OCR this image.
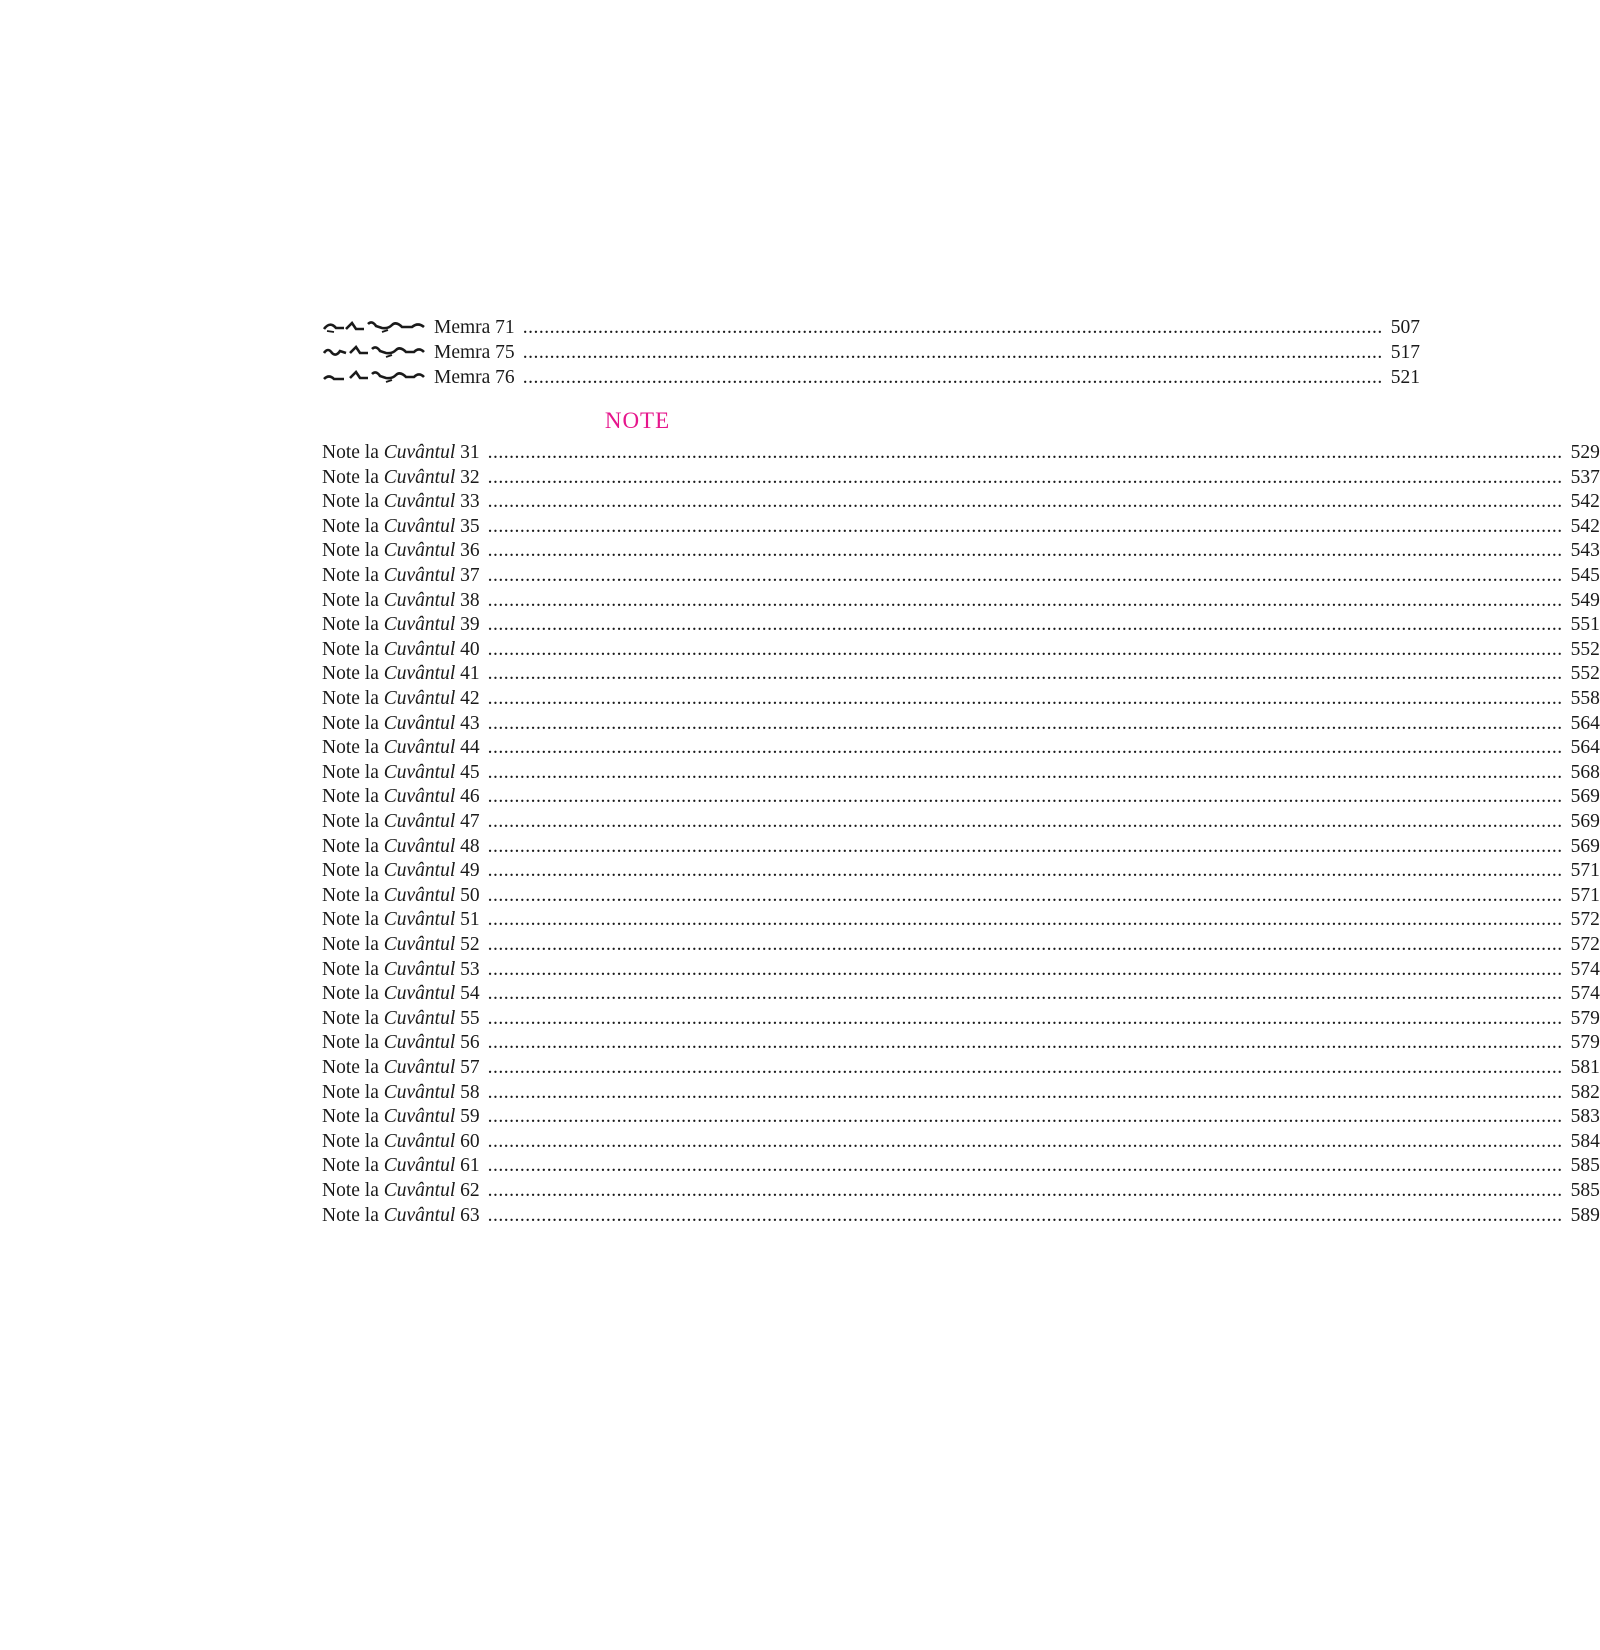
Memra 71 ................................................................................................................................................................ 507
Memra 75 ................................................................................................................................................................ 517
Memra 76 ................................................................................................................................................................ 521
NOTE
Note la Cuvântul 31 ........................................................................................................................................................................................................ 529
Note la Cuvântul 32 ........................................................................................................................................................................................................ 537
Note la Cuvântul 33 ........................................................................................................................................................................................................ 542
Note la Cuvântul 35 ........................................................................................................................................................................................................ 542
Note la Cuvântul 36 ........................................................................................................................................................................................................ 543
Note la Cuvântul 37 ........................................................................................................................................................................................................ 545
Note la Cuvântul 38 ........................................................................................................................................................................................................ 549
Note la Cuvântul 39 ........................................................................................................................................................................................................ 551
Note la Cuvântul 40 ........................................................................................................................................................................................................ 552
Note la Cuvântul 41 ........................................................................................................................................................................................................ 552
Note la Cuvântul 42 ........................................................................................................................................................................................................ 558
Note la Cuvântul 43 ........................................................................................................................................................................................................ 564
Note la Cuvântul 44 ........................................................................................................................................................................................................ 564
Note la Cuvântul 45 ........................................................................................................................................................................................................ 568
Note la Cuvântul 46 ........................................................................................................................................................................................................ 569
Note la Cuvântul 47 ........................................................................................................................................................................................................ 569
Note la Cuvântul 48 ........................................................................................................................................................................................................ 569
Note la Cuvântul 49 ........................................................................................................................................................................................................ 571
Note la Cuvântul 50 ........................................................................................................................................................................................................ 571
Note la Cuvântul 51 ........................................................................................................................................................................................................ 572
Note la Cuvântul 52 ........................................................................................................................................................................................................ 572
Note la Cuvântul 53 ........................................................................................................................................................................................................ 574
Note la Cuvântul 54 ........................................................................................................................................................................................................ 574
Note la Cuvântul 55 ........................................................................................................................................................................................................ 579
Note la Cuvântul 56 ........................................................................................................................................................................................................ 579
Note la Cuvântul 57 ........................................................................................................................................................................................................ 581
Note la Cuvântul 58 ........................................................................................................................................................................................................ 582
Note la Cuvântul 59 ........................................................................................................................................................................................................ 583
Note la Cuvântul 60 ........................................................................................................................................................................................................ 584
Note la Cuvântul 61 ........................................................................................................................................................................................................ 585
Note la Cuvântul 62 ........................................................................................................................................................................................................ 585
Note la Cuvântul 63 ........................................................................................................................................................................................................ 589
